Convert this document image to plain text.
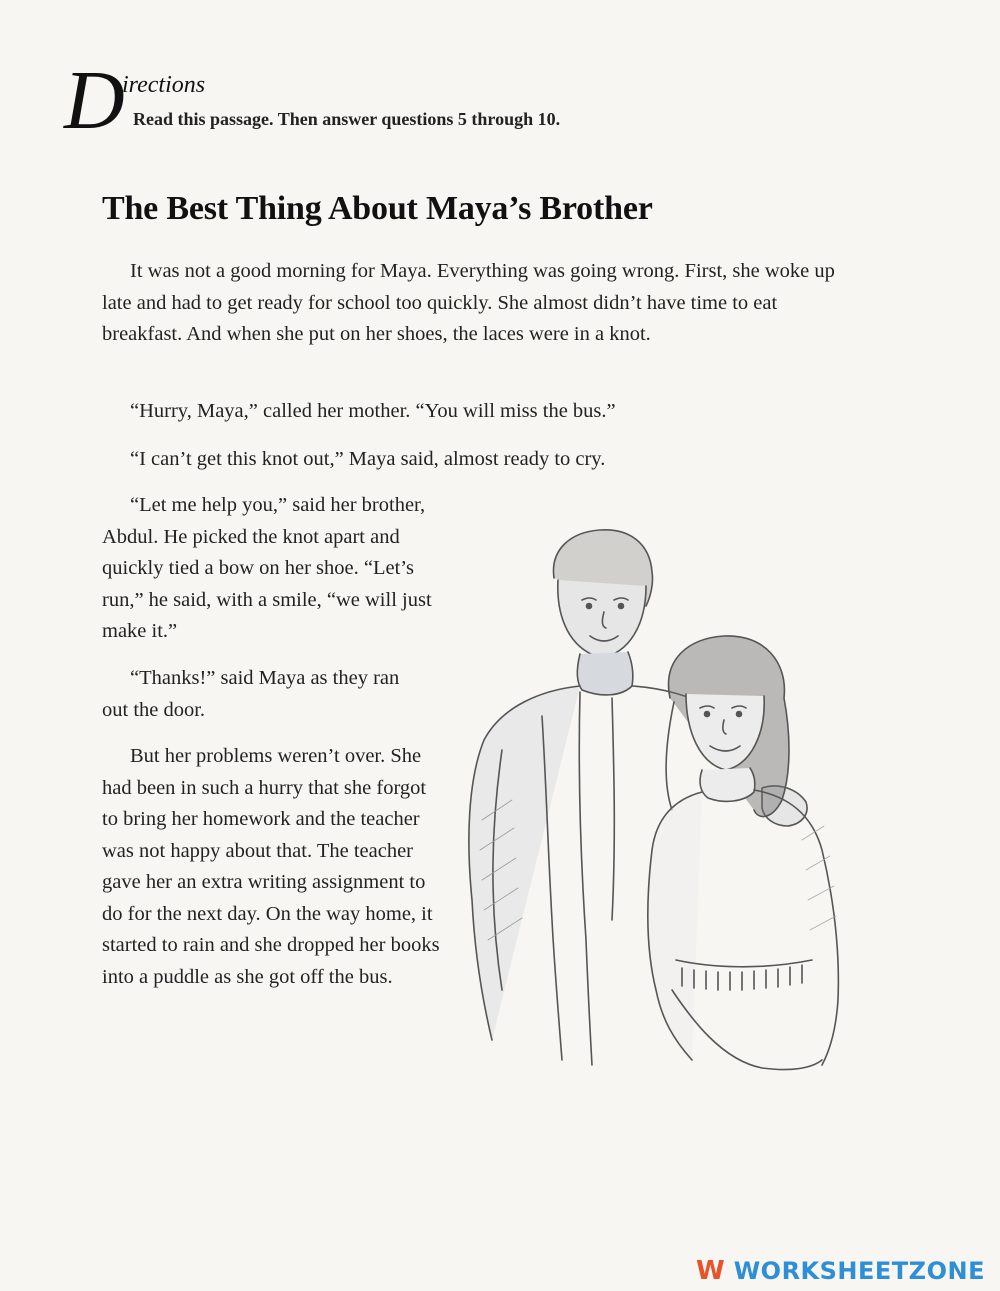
D
irections
Read this passage. Then answer questions 5 through 10.
The Best Thing About Maya’s Brother

It was not a good morning for Maya. Everything was going wrong. First, she woke up late and had to get ready for school too quickly. She almost didn’t have time to eat breakfast. And when she put on her shoes, the laces were in a knot.

“Hurry, Maya,” called her mother. “You will miss the bus.”

“I can’t get this knot out,” Maya said, almost ready to cry.

“Let me help you,” said her brother, Abdul. He picked the knot apart and quickly tied a bow on her shoe. “Let’s run,” he said, with a smile, “we will just make it.”

“Thanks!” said Maya as they ran out the door.

But her problems weren’t over. She had been in such a hurry that she forgot to bring her homework and the teacher was not happy about that. The teacher gave her an extra writing assignment to do for the next day. On the way home, it started to rain and she dropped her books into a puddle as she got off the bus.

W WORKSHEETZONE
